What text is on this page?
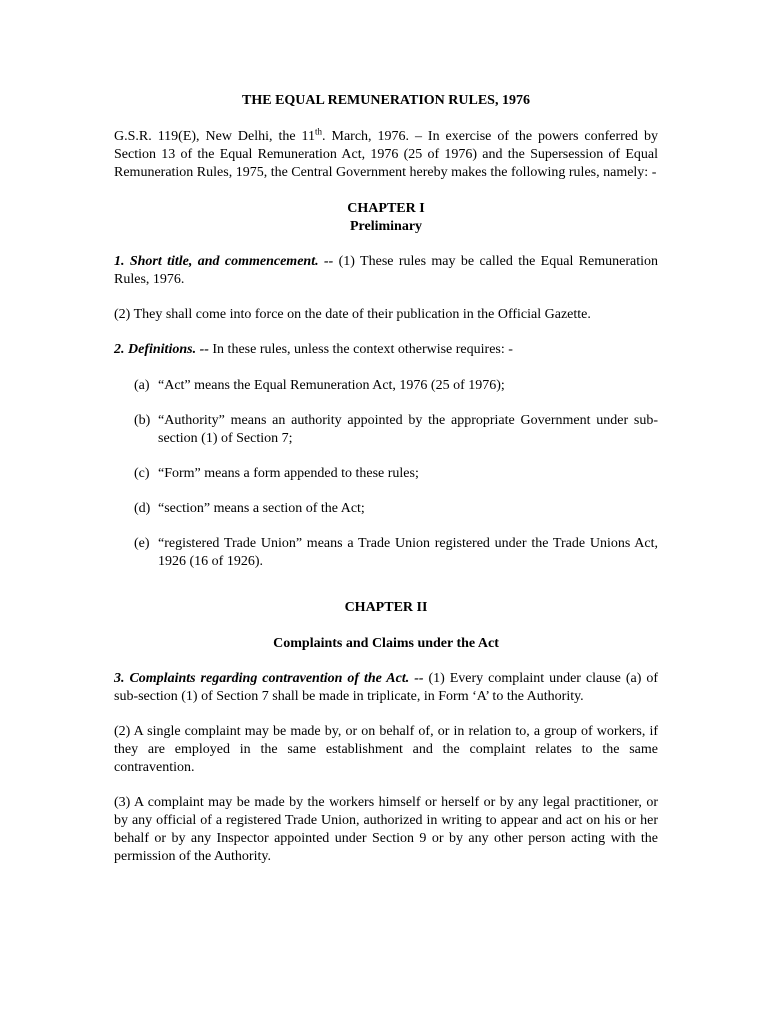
THE EQUAL REMUNERATION RULES, 1976

G.S.R. 119(E), New Delhi, the 11th. March, 1976. – In exercise of the powers conferred by Section 13 of the Equal Remuneration Act, 1976 (25 of 1976) and the Supersession of Equal Remuneration Rules, 1975, the Central Government hereby makes the following rules, namely: -

CHAPTER I

Preliminary

1. Short title, and commencement. -- (1) These rules may be called the Equal Remuneration Rules, 1976.

(2) They shall come into force on the date of their publication in the Official Gazette.

2. Definitions. -- In these rules, unless the context otherwise requires: -

(a) “Act” means the Equal Remuneration Act, 1976 (25 of 1976);
(b) “Authority” means an authority appointed by the appropriate Government under sub-section (1) of Section 7;
(c) “Form” means a form appended to these rules;
(d) “section” means a section of the Act;
(e) “registered Trade Union” means a Trade Union registered under the Trade Unions Act, 1926 (16 of 1926).

CHAPTER II

Complaints and Claims under the Act

3. Complaints regarding contravention of the Act. -- (1) Every complaint under clause (a) of sub-section (1) of Section 7 shall be made in triplicate, in Form ‘A’ to the Authority.

(2) A single complaint may be made by, or on behalf of, or in relation to, a group of workers, if they are employed in the same establishment and the complaint relates to the same contravention.

(3) A complaint may be made by the workers himself or herself or by any legal practitioner, or by any official of a registered Trade Union, authorized in writing to appear and act on his or her behalf or by any Inspector appointed under Section 9 or by any other person acting with the permission of the Authority.
